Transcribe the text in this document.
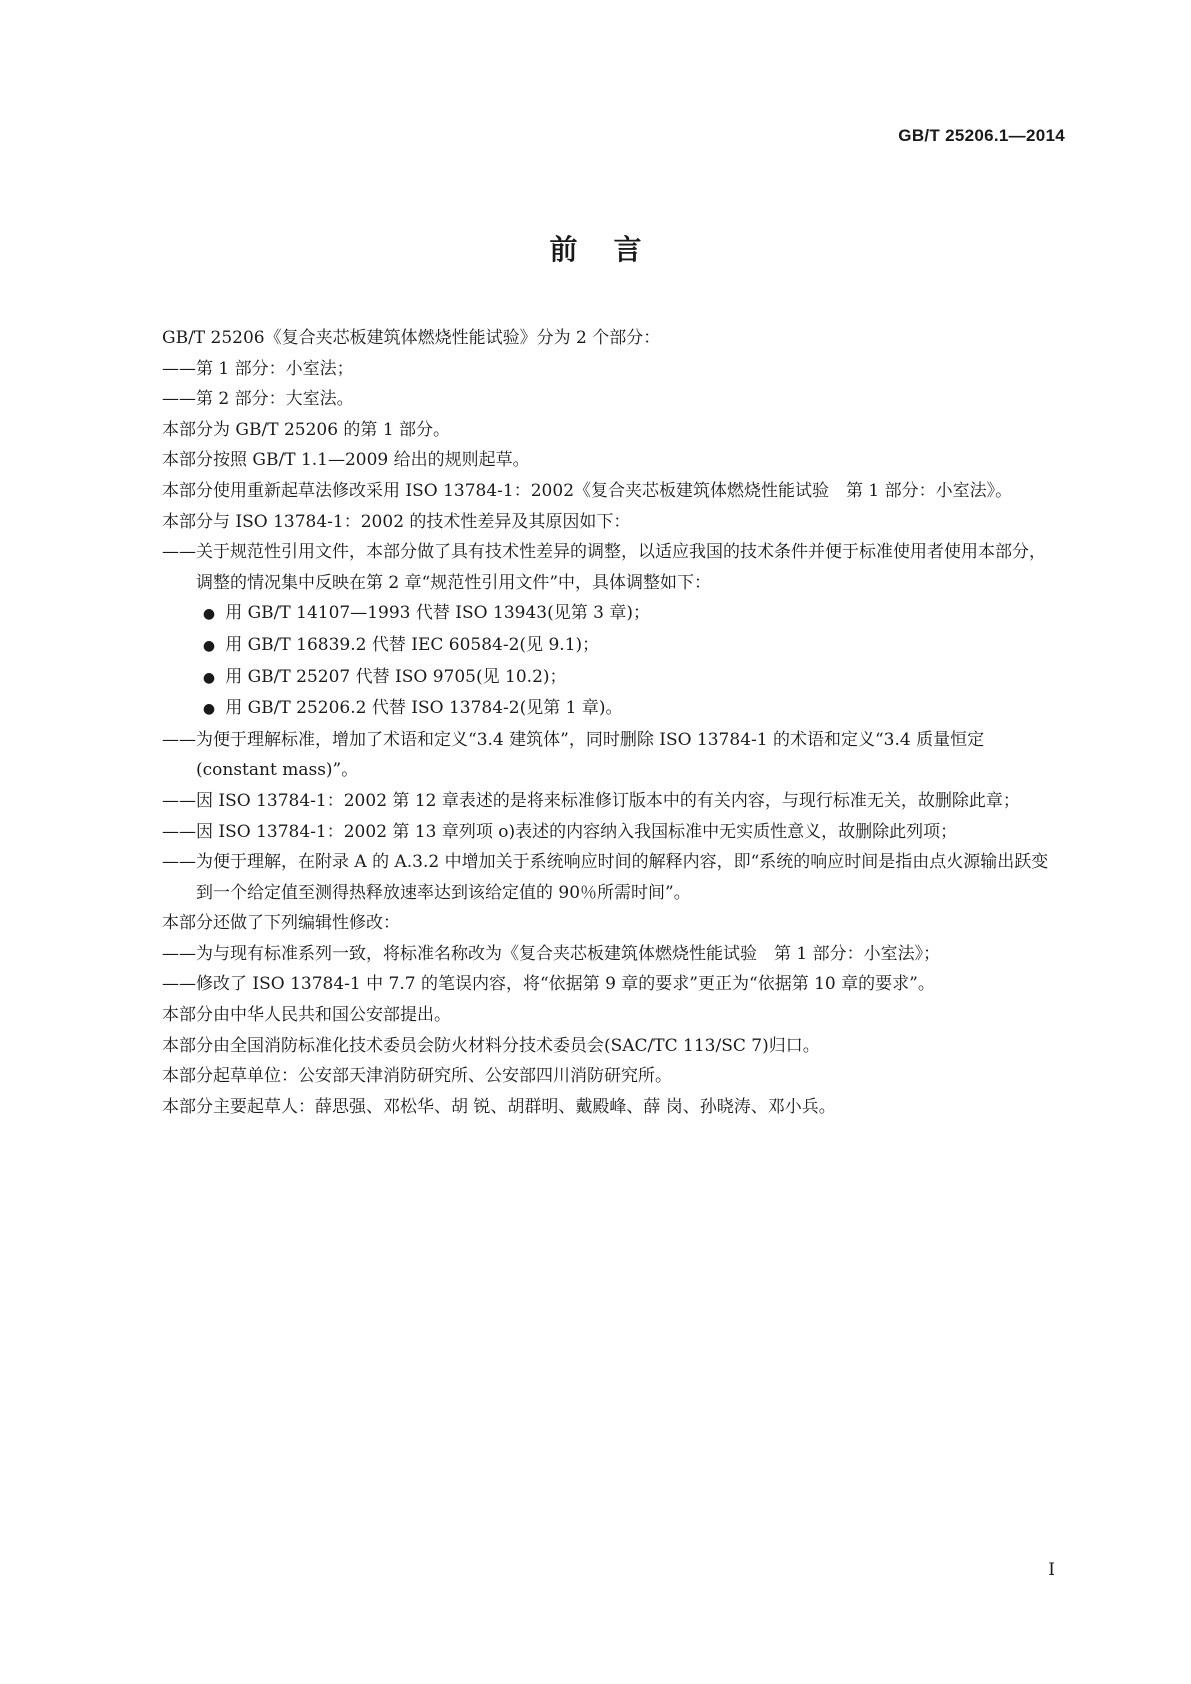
GB/T 25206.1—2014
前言

GB/T 25206《复合夹芯板建筑体燃烧性能试验》分为 2 个部分：

——第 1 部分：小室法；

——第 2 部分：大室法。

本部分为 GB/T 25206 的第 1 部分。

本部分按照 GB/T 1.1—2009 给出的规则起草。

本部分使用重新起草法修改采用 ISO 13784-1：2002《复合夹芯板建筑体燃烧性能试验　第 1 部分：小室法》。

本部分与 ISO 13784-1：2002 的技术性差异及其原因如下：

——关于规范性引用文件，本部分做了具有技术性差异的调整，以适应我国的技术条件并便于标准使用者使用本部分，调整的情况集中反映在第 2 章“规范性引用文件”中，具体调整如下：

● 用 GB/T 14107—1993 代替 ISO 13943(见第 3 章)；

● 用 GB/T 16839.2 代替 IEC 60584-2(见 9.1)；

● 用 GB/T 25207 代替 ISO 9705(见 10.2)；

● 用 GB/T 25206.2 代替 ISO 13784-2(见第 1 章)。

——为便于理解标准，增加了术语和定义“3.4 建筑体”，同时删除 ISO 13784-1 的术语和定义“3.4 质量恒定(constant mass)”。

——因 ISO 13784-1：2002 第 12 章表述的是将来标准修订版本中的有关内容，与现行标准无关，故删除此章；

——因 ISO 13784-1：2002 第 13 章列项 o)表述的内容纳入我国标准中无实质性意义，故删除此列项；

——为便于理解，在附录 A 的 A.3.2 中增加关于系统响应时间的解释内容，即“系统的响应时间是指由点火源输出跃变到一个给定值至测得热释放速率达到该给定值的 90％所需时间”。

本部分还做了下列编辑性修改：

——为与现有标准系列一致，将标准名称改为《复合夹芯板建筑体燃烧性能试验　第 1 部分：小室法》；

——修改了 ISO 13784-1 中 7.7 的笔误内容，将“依据第 9 章的要求”更正为“依据第 10 章的要求”。

本部分由中华人民共和国公安部提出。

本部分由全国消防标准化技术委员会防火材料分技术委员会(SAC/TC 113/SC 7)归口。

本部分起草单位：公安部天津消防研究所、公安部四川消防研究所。

本部分主要起草人：薛思强、邓松华、胡 锐、胡群明、戴殿峰、薛 岗、孙晓涛、邓小兵。

I
